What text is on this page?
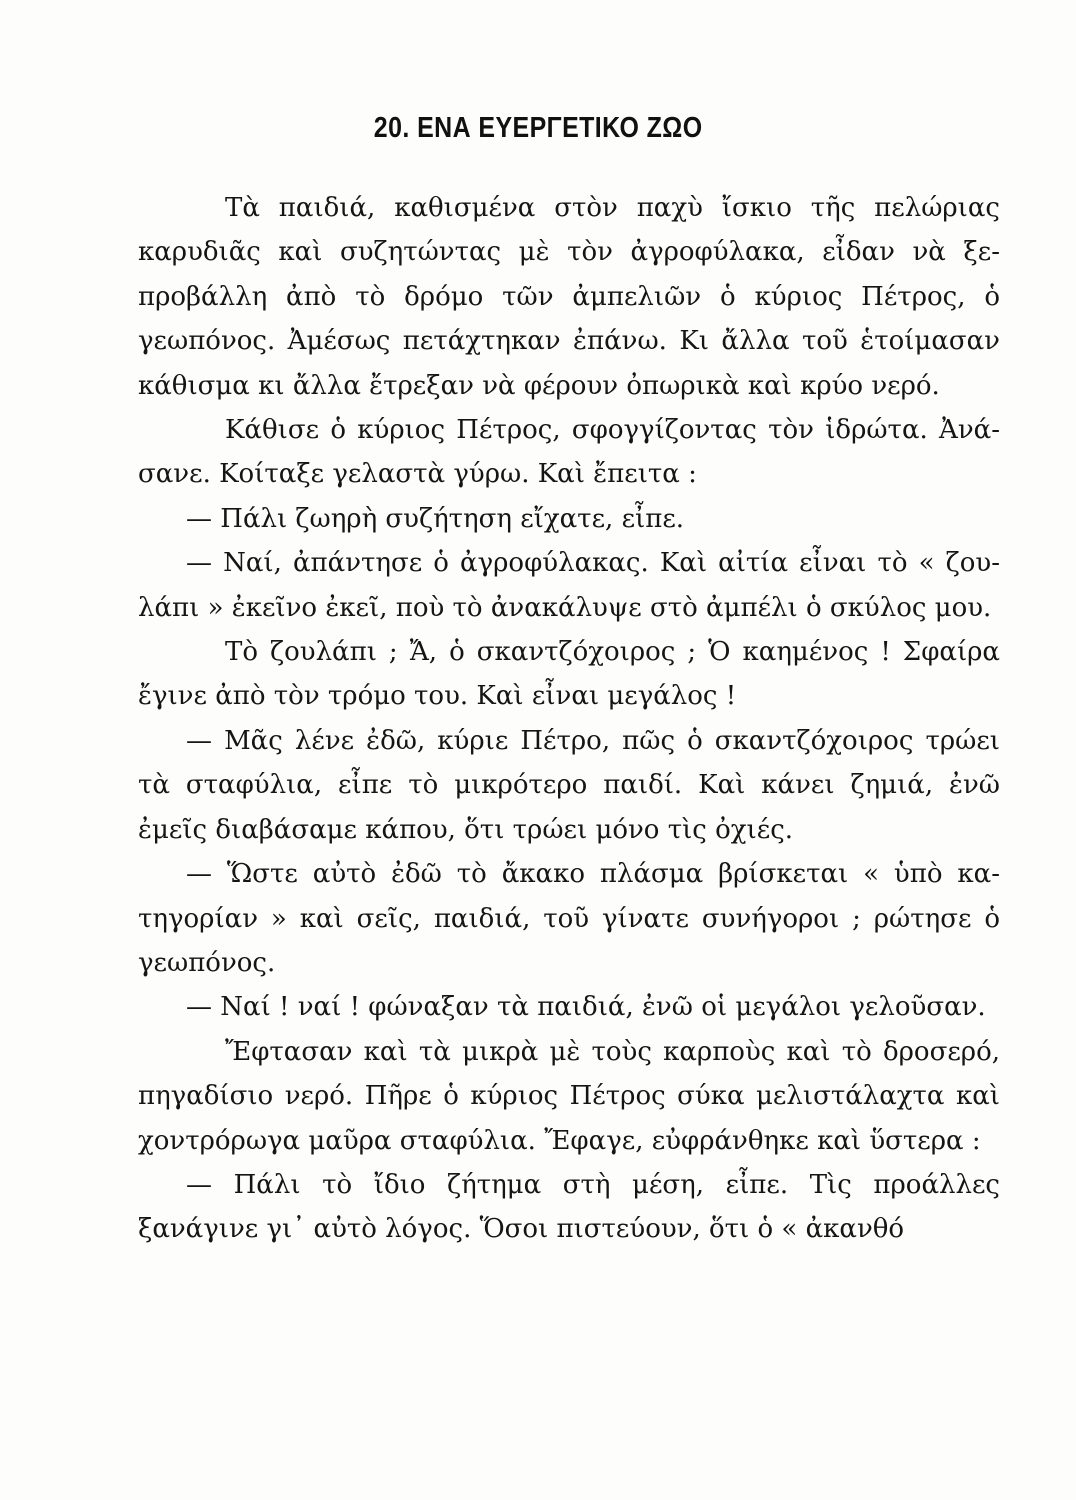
20. ΕΝΑ ΕΥΕΡΓΕΤΙΚΟ ΖΩΟ

Τὰ παιδιά, καθισμένα στὸν παχὺ ἴσκιο τῆς πελώριας καρυδιᾶς καὶ συζητώντας μὲ τὸν ἀγροφύλακα, εἶδαν νὰ ξεπροβάλλη ἀπὸ τὸ δρόμο τῶν ἀμπελιῶν ὁ κύριος Πέτρος, ὁ γεωπόνος. Ἀμέσως πετάχτηκαν ἐπάνω. Κι ἄλλα τοῦ ἑτοίμασαν κάθισμα κι ἄλλα ἔτρεξαν νὰ φέρουν ὀπωρικὰ καὶ κρύο νερό.

Κάθισε ὁ κύριος Πέτρος, σφογγίζοντας τὸν ἱδρώτα. Ἀνάσανε. Κοίταξε γελαστὰ γύρω. Καὶ ἔπειτα :

— Πάλι ζωηρὴ συζήτηση εἴχατε, εἶπε.

— Ναί, ἀπάντησε ὁ ἀγροφύλακας. Καὶ αἰτία εἶναι τὸ « ζουλάπι » ἐκεῖνο ἐκεῖ, ποὺ τὸ ἀνακάλυψε στὸ ἀμπέλι ὁ σκύλος μου.

Τὸ ζουλάπι ; Ἄ, ὁ σκαντζόχοιρος ; Ὁ καημένος ! Σφαίρα ἔγινε ἀπὸ τὸν τρόμο του. Καὶ εἶναι μεγάλος !

— Μᾶς λένε ἐδῶ, κύριε Πέτρο, πῶς ὁ σκαντζόχοιρος τρώει τὰ σταφύλια, εἶπε τὸ μικρότερο παιδί. Καὶ κάνει ζημιά, ἐνῶ ἐμεῖς διαβάσαμε κάπου, ὅτι τρώει μόνο τὶς ὀχιές.

— Ὥστε αὐτὸ ἐδῶ τὸ ἄκακο πλάσμα βρίσκεται « ὑπὸ κατηγορίαν » καὶ σεῖς, παιδιά, τοῦ γίνατε συνήγοροι ; ρώτησε ὁ γεωπόνος.

— Ναί ! ναί ! φώναξαν τὰ παιδιά, ἐνῶ οἱ μεγάλοι γελοῦσαν.

Ἔφτασαν καὶ τὰ μικρὰ μὲ τοὺς καρποὺς καὶ τὸ δροσερό, πηγαδίσιο νερό. Πῆρε ὁ κύριος Πέτρος σύκα μελιστάλαχτα καὶ χοντρόρωγα μαῦρα σταφύλια. Ἔφαγε, εὐφράνθηκε καὶ ὕστερα :

— Πάλι τὸ ἴδιο ζήτημα στὴ μέση, εἶπε. Τὶς προάλλες ξανάγινε γι᾽ αὐτὸ λόγος. Ὅσοι πιστεύουν, ὅτι ὁ « ἀκανθό
